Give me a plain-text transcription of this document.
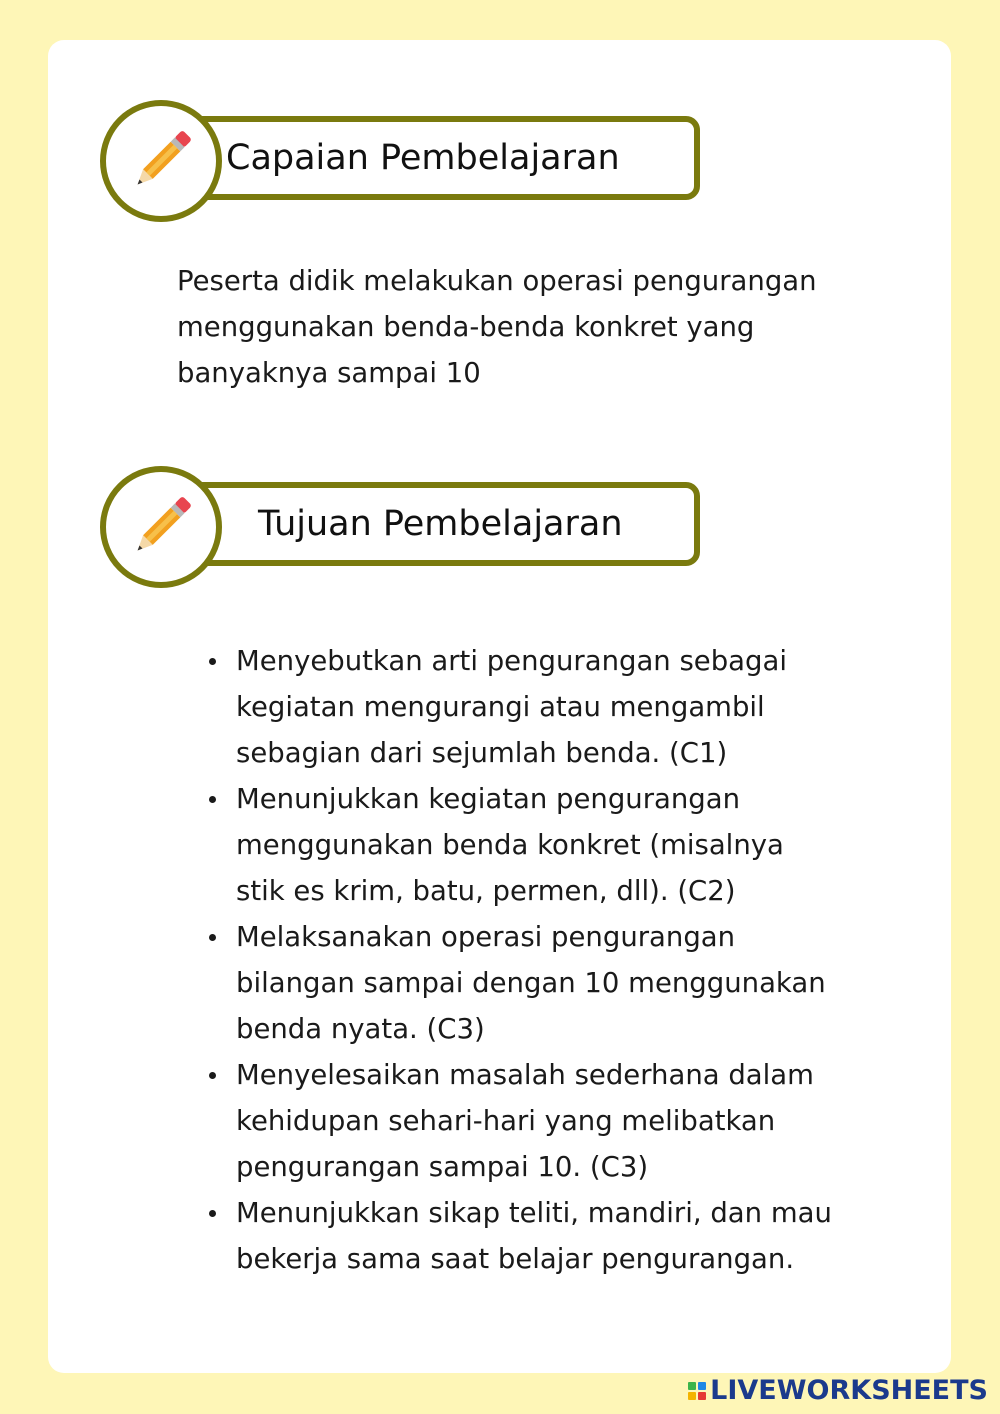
Capaian Pembelajaran

Peserta didik melakukan operasi pengurangan
menggunakan benda-benda konkret yang
banyaknya sampai 10

Tujuan Pembelajaran
Menyebutkan arti pengurangan sebagai
kegiatan mengurangi atau mengambil
sebagian dari sejumlah benda. (C1)
Menunjukkan kegiatan pengurangan
menggunakan benda konkret (misalnya
stik es krim, batu, permen, dll). (C2)
Melaksanakan operasi pengurangan
bilangan sampai dengan 10 menggunakan
benda nyata. (C3)
Menyelesaikan masalah sederhana dalam
kehidupan sehari-hari yang melibatkan
pengurangan sampai 10. (C3)
Menunjukkan sikap teliti, mandiri, dan mau
bekerja sama saat belajar pengurangan.
LIVEWORKSHEETS
